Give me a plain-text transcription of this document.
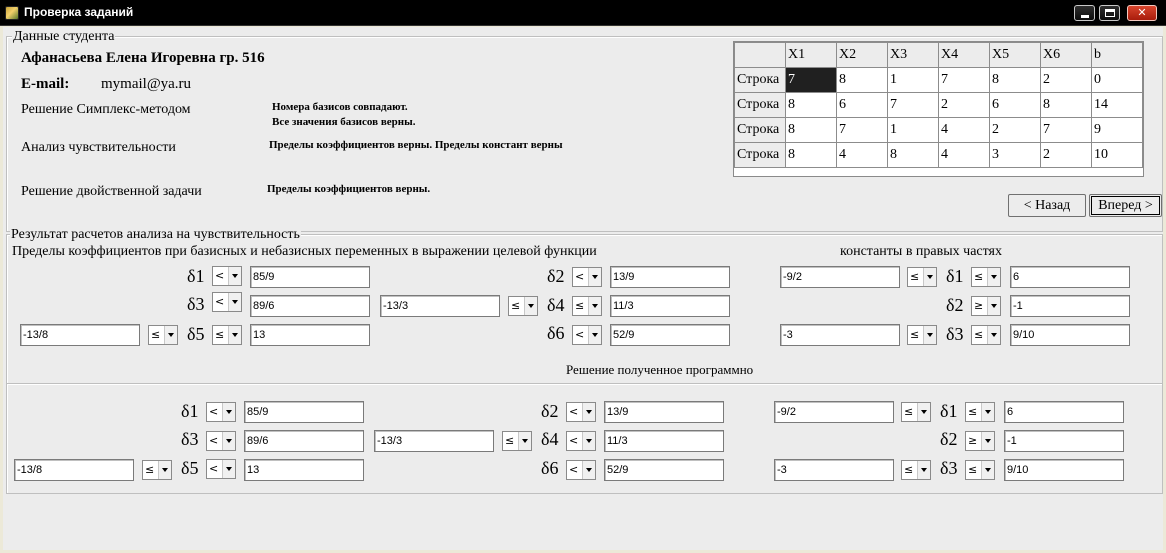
Проверка заданий	✕
Данные студента
Афанасьева Елена Игоревна гр. 516
E-mail: mymail@ya.ru
Решение Симплекс-методом	Номера базисов совпадают.
Все значения базисов верны.
Анализ чувствительности	Пределы коэффициентов верны. Пределы констант верны
Решение двойственной задачи	Пределы коэффициентов верны.
	X1	X2	X3	X4	X5	X6	b
Строка	7	8	1	7	8	2	0
Строка	8	6	7	2	6	8	14
Строка	8	7	1	4	2	7	9
Строка	8	4	8	4	3	2	10
< Назад	Вперед >
Результат расчетов анализа на чувствительность
Пределы коэффициентов при базисных и небазисных переменных в выражении целевой функции	константы в правых частях
δ1 <	85/9	δ2 <	13/9	-9/2	≤ δ1 ≤	6
δ3 <	89/6	-13/3	≤ δ4 ≤	11/3	δ2 ≥	-1
-13/8	≤ δ5 ≤	13	δ6 <	52/9	-3	≤ δ3 ≤	9/10
Решение полученное программно
δ1 <	85/9	δ2 <	13/9	-9/2	≤ δ1 ≤	6
δ3 <	89/6	-13/3	≤ δ4 <	11/3	δ2 ≥	-1
-13/8	≤ δ5 <	13	δ6 <	52/9	-3	≤ δ3 ≤	9/10
